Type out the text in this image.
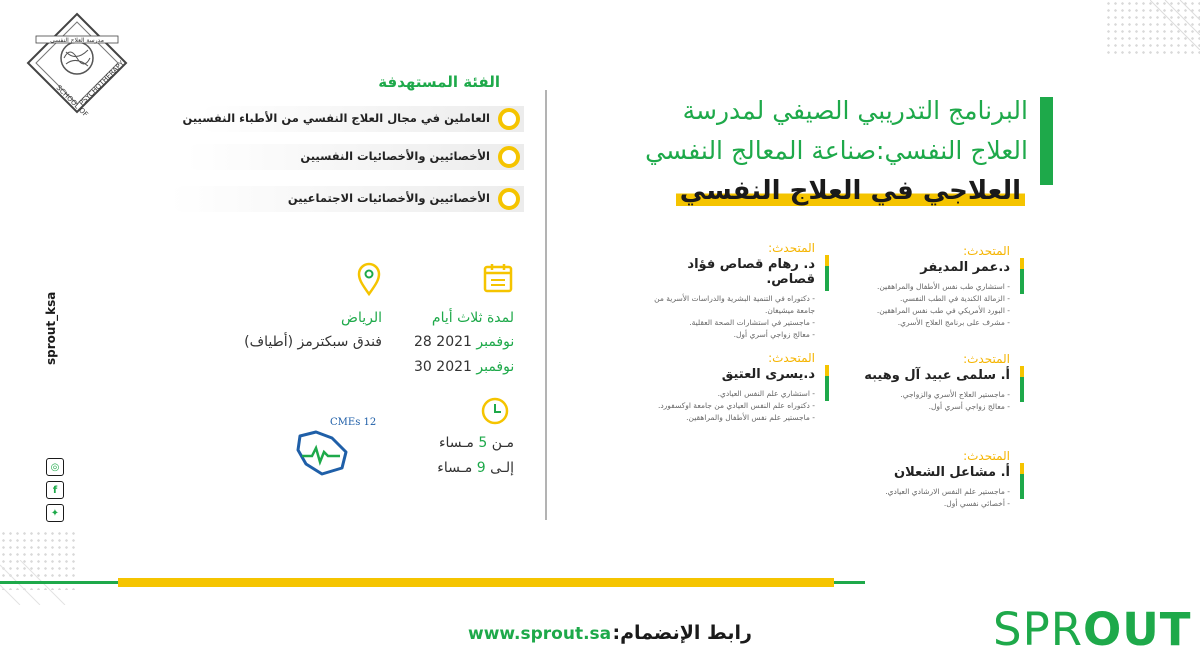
مدرسة العلاج النفسي
SCHOOL OF
PSYCHOTHERAPY
البرنامج التدريبي الصيفي لمدرسة
العلاج النفسي:صناعة المعالج النفسي
العلاجي في العلاج النفسي
المتحدث:
د.عمر المديفر
- استشاري طب نفس الأطفال والمراهقين.
- الزمالة الكندية في الطب النفسي.
- البورد الأمريكي في طب نفس المراهقين.
- مشرف على برنامج العلاج الأسري.
المتحدث:
د. رهام قصاص فؤاد قصاص.
- دكتوراه في التنمية البشرية والدراسات الأسرية من جامعة ميشيغان.
- ماجستير في استشارات الصحة العقلية.
- معالج زواجي أسري أول.
المتحدث:
أ. سلمى عبيد آل وهيبه
- ماجستير العلاج الأسري والزواجي.
- معالج زواجي أسري أول.
المتحدث:
د.يسرى العتيق
- استشاري علم النفس العيادي.
- دكتوراه علم النفس العيادي من جامعة اوكسفورد.
- ماجستير علم نفس الأطفال والمراهقين.
المتحدث:
أ. مشاعل الشعلان
- ماجستير علم النفس الارشادي العيادي.
- أخصائي نفسي أول.
الفئة المستهدفة
العاملين في مجال العلاج النفسي من الأطباء النفسيين
الأخصائيين والأخصائيات النفسيين
الأخصائيين والأخصائيات الاجتماعيين
لمدة ثلاث أيام
28	نوفمبر 2021
30	نوفمبر 2021
الرياض
فندق سبكترمز (أطياف)
مـن 5 مـساء
إلـى 9 مـساء
CMEs 12
sprout_ksa
◎
f
✦
رابط الإنضمام:
www.sprout.sa	SPROUT
